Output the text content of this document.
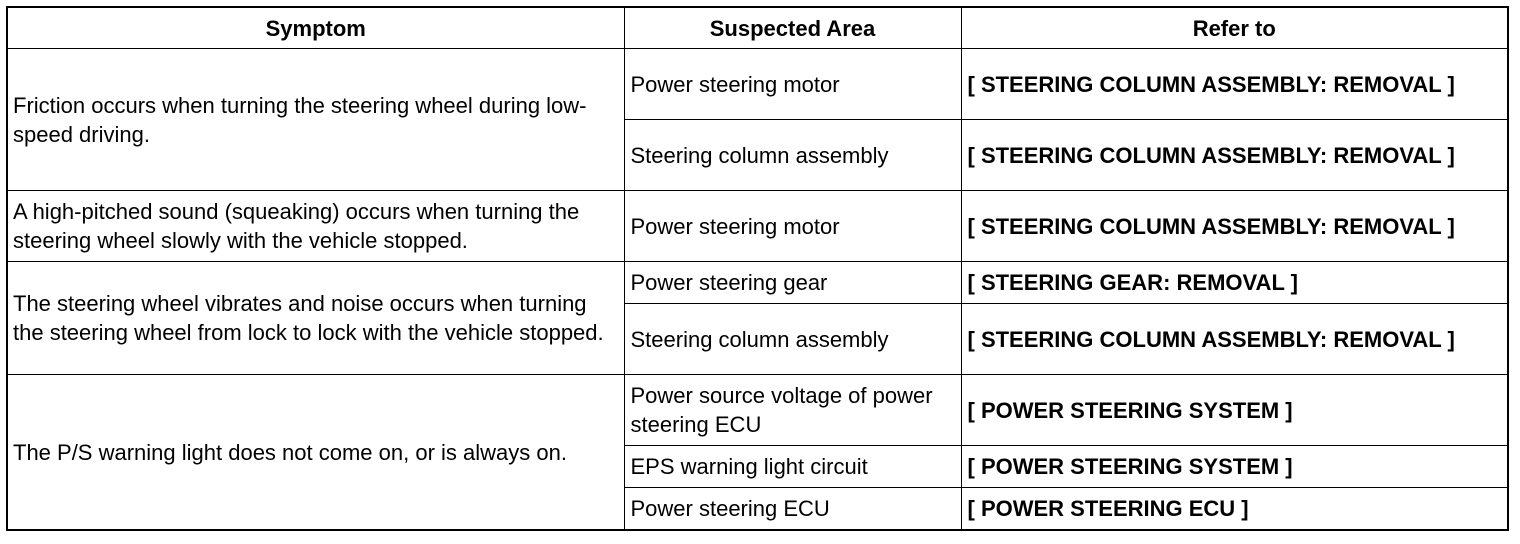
Symptom	Suspected Area	Refer to
Friction occurs when turning the steering wheel during low-speed driving.	Power steering motor	[ STEERING COLUMN ASSEMBLY: REMOVAL ]
	Steering column assembly	[ STEERING COLUMN ASSEMBLY: REMOVAL ]
A high-pitched sound (squeaking) occurs when turning the steering wheel slowly with the vehicle stopped.	Power steering motor	[ STEERING COLUMN ASSEMBLY: REMOVAL ]
The steering wheel vibrates and noise occurs when turning the steering wheel from lock to lock with the vehicle stopped.	Power steering gear	[ STEERING GEAR: REMOVAL ]
	Steering column assembly	[ STEERING COLUMN ASSEMBLY: REMOVAL ]
The P/S warning light does not come on, or is always on.	Power source voltage of power steering ECU	[ POWER STEERING SYSTEM ]
	EPS warning light circuit	[ POWER STEERING SYSTEM ]
	Power steering ECU	[ POWER STEERING ECU ]
